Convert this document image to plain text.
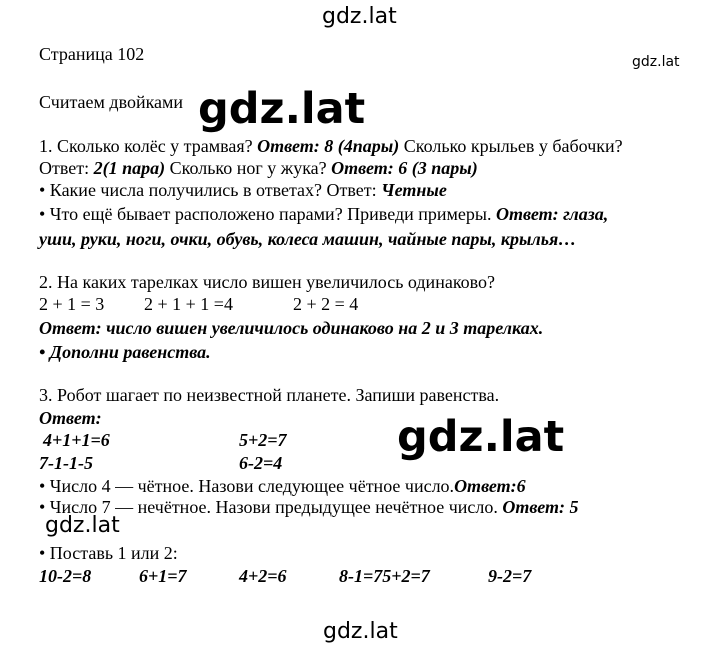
gdz.lat
gdz.lat
gdz.lat
gdz.lat
gdz.lat
gdz.lat
Страница 102
Считаем двойками
1. Сколько колёс у трамвая? Ответ: 8 (4пары) Сколько крыльев у бабочки?
Ответ: 2(1 пара) Сколько ног у жука? Ответ: 6 (3 пары)
• Какие числа получились в ответах? Ответ: Четные
• Что ещё бывает расположено парами? Приведи примеры. Ответ: глаза,
уши, руки, ноги, очки, обувь, колеса машин, чайные пары, крылья…
2. На каких тарелках число вишен увеличилось одинаково?
2 + 1 = 3 2 + 1 + 1 =4	2 + 2 = 4
Ответ: число вишен увеличилось одинаково на 2 и 3 тарелках.
• Дополни равенства.
3. Робот шагает по неизвестной планете. Запиши равенства.
Ответ:
4+1+1=6	5+2=7
7-1-1-5	6-2=4
• Число 4 — чётное. Назови следующее чётное число.Ответ:6
• Число 7 — нечётное. Назови предыдущее нечётное число. Ответ: 5
• Поставь 1 или 2:
10-2=8	6+1=7	4+2=6	8-1=75+2=7	9-2=7
